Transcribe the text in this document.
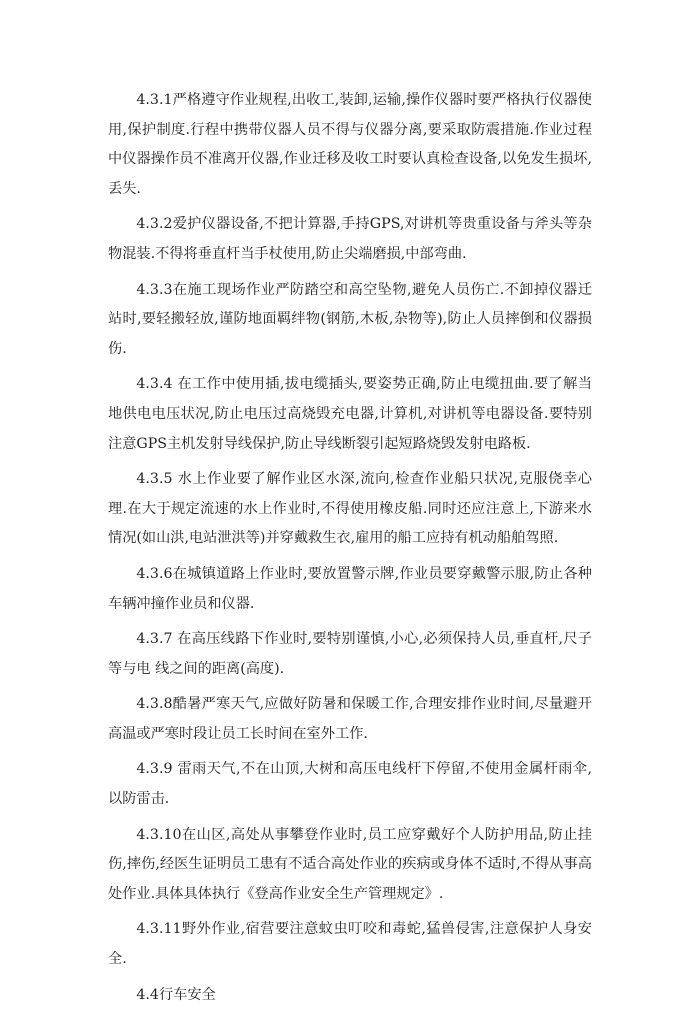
4.3.1严格遵守作业规程,出收工,装卸,运输,操作仪器时要严格执行仪器使用,保护制度.行程中携带仪器人员不得与仪器分离,要采取防震措施.作业过程中仪器操作员不准离开仪器,作业迁移及收工时要认真检查设备,以免发生损坏,丢失.

4.3.2爱护仪器设备,不把计算器,手持GPS,对讲机等贵重设备与斧头等杂物混装.不得将垂直杆当手杖使用,防止尖端磨损,中部弯曲.

4.3.3在施工现场作业严防踏空和高空坠物,避免人员伤亡.不卸掉仪器迁站时,要轻搬轻放,谨防地面羁绊物(钢筋,木板,杂物等),防止人员摔倒和仪器损伤.

4.3.4 在工作中使用插,拔电缆插头,要姿势正确,防止电缆扭曲.要了解当地供电电压状况,防止电压过高烧毁充电器,计算机,对讲机等电器设备.要特别注意GPS主机发射导线保护,防止导线断裂引起短路烧毁发射电路板.

4.3.5 水上作业要了解作业区水深,流向,检查作业船只状况,克服侥幸心理.在大于规定流速的水上作业时,不得使用橡皮船.同时还应注意上,下游来水情况(如山洪,电站泄洪等)并穿戴救生衣,雇用的船工应持有机动船舶驾照.

4.3.6在城镇道路上作业时,要放置警示牌,作业员要穿戴警示服,防止各种车辆冲撞作业员和仪器.

4.3.7 在高压线路下作业时,要特别谨慎,小心,必须保持人员,垂直杆,尺子等与电 线之间的距离(高度).

4.3.8酷暑严寒天气,应做好防暑和保暖工作,合理安排作业时间,尽量避开高温或严寒时段让员工长时间在室外工作.

4.3.9 雷雨天气,不在山顶,大树和高压电线杆下停留,不使用金属杆雨伞,以防雷击.

4.3.10在山区,高处从事攀登作业时,员工应穿戴好个人防护用品,防止挂伤,摔伤,经医生证明员工患有不适合高处作业的疾病或身体不适时,不得从事高处作业.具体具体执行《登高作业安全生产管理规定》.

4.3.11野外作业,宿营要注意蚊虫叮咬和毒蛇,猛兽侵害,注意保护人身安全.

4.4行车安全
